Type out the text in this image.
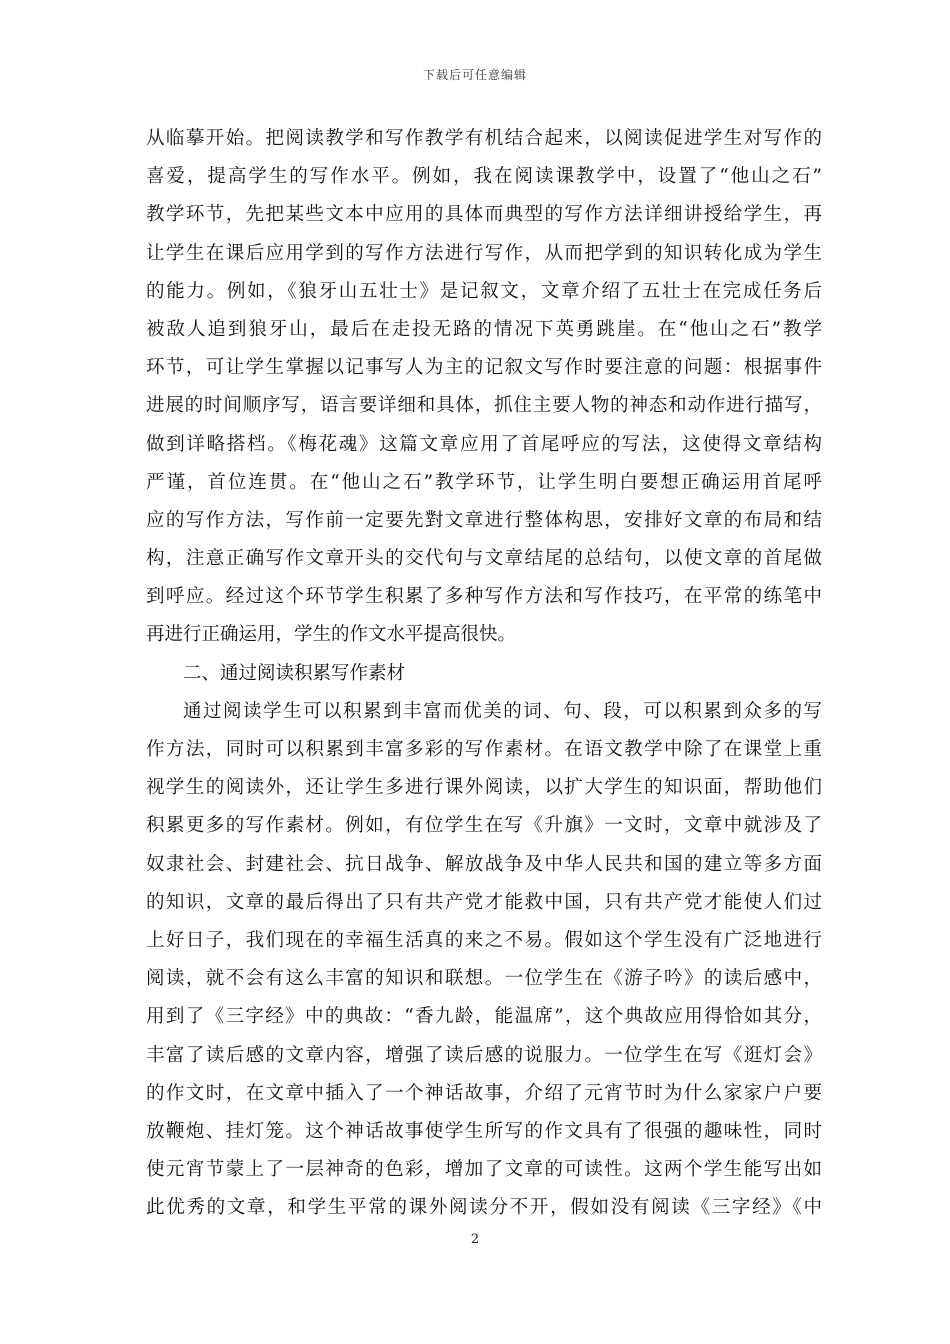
下载后可任意编辑
从临摹开始。把阅读教学和写作教学有机结合起来，以阅读促进学生对写作的
喜爱，提高学生的写作水平。例如，我在阅读课教学中，设置了“他山之石”
教学环节，先把某些文本中应用的具体而典型的写作方法详细讲授给学生，再
让学生在课后应用学到的写作方法进行写作，从而把学到的知识转化成为学生
的能力。例如，《狼牙山五壮士》是记叙文，文章介绍了五壮士在完成任务后
被敌人追到狼牙山，最后在走投无路的情况下英勇跳崖。在“他山之石”教学
环节，可让学生掌握以记事写人为主的记叙文写作时要注意的问题：根据事件
进展的时间顺序写，语言要详细和具体，抓住主要人物的神态和动作进行描写，
做到详略搭档。《梅花魂》这篇文章应用了首尾呼应的写法，这使得文章结构
严谨，首位连贯。在“他山之石”教学环节，让学生明白要想正确运用首尾呼
应的写作方法，写作前一定要先對文章进行整体构思，安排好文章的布局和结
构，注意正确写作文章开头的交代句与文章结尾的总结句，以使文章的首尾做
到呼应。经过这个环节学生积累了多种写作方法和写作技巧，在平常的练笔中
再进行正确运用，学生的作文水平提高很快。
二、通过阅读积累写作素材
通过阅读学生可以积累到丰富而优美的词、句、段，可以积累到众多的写
作方法，同时可以积累到丰富多彩的写作素材。在语文教学中除了在课堂上重
视学生的阅读外，还让学生多进行课外阅读，以扩大学生的知识面，帮助他们
积累更多的写作素材。例如，有位学生在写《升旗》一文时，文章中就涉及了
奴隶社会、封建社会、抗日战争、解放战争及中华人民共和国的建立等多方面
的知识，文章的最后得出了只有共产党才能救中国，只有共产党才能使人们过
上好日子，我们现在的幸福生活真的来之不易。假如这个学生没有广泛地进行
阅读，就不会有这么丰富的知识和联想。一位学生在《游子吟》的读后感中，
用到了《三字经》中的典故：“香九龄，能温席”，这个典故应用得恰如其分，
丰富了读后感的文章内容，增强了读后感的说服力。一位学生在写《逛灯会》
的作文时，在文章中插入了一个神话故事，介绍了元宵节时为什么家家户户要
放鞭炮、挂灯笼。这个神话故事使学生所写的作文具有了很强的趣味性，同时
使元宵节蒙上了一层神奇的色彩，增加了文章的可读性。这两个学生能写出如
此优秀的文章，和学生平常的课外阅读分不开，假如没有阅读《三字经》《中
2
